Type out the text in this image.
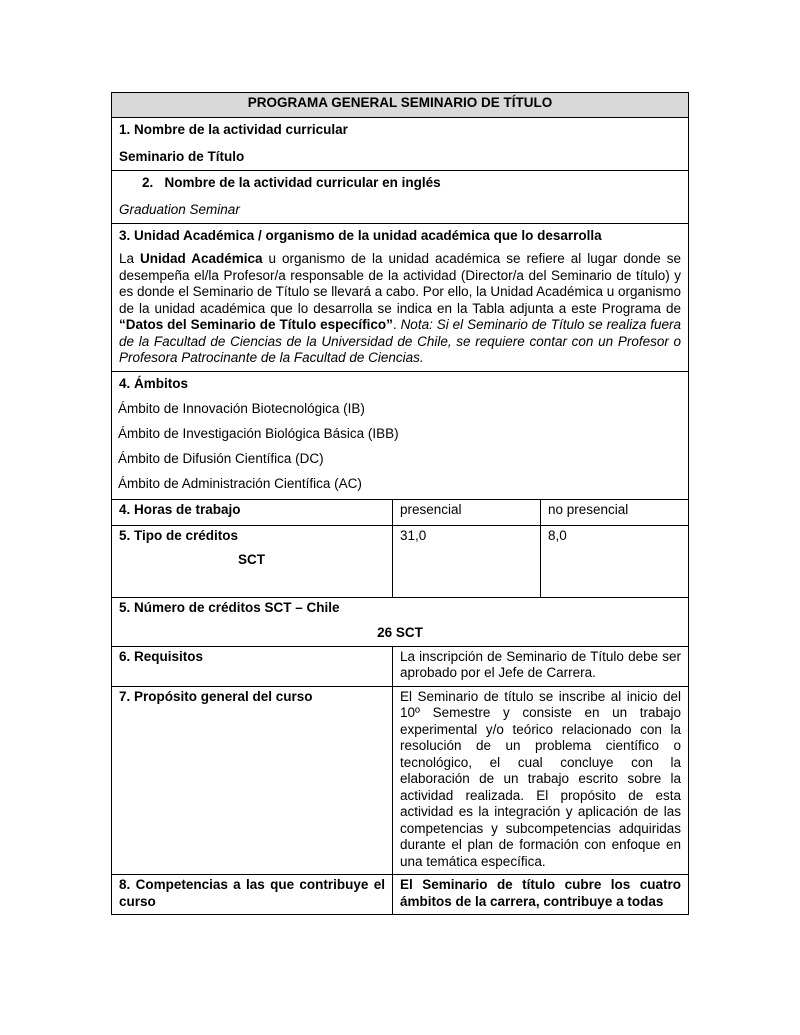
PROGRAMA GENERAL SEMINARIO DE TÍTULO		

1. Nombre de la actividad curricular
Seminario de Título		

2.   Nombre de la actividad curricular en inglés
Graduation Seminar		

3. Unidad Académica / organismo de la unidad académica que lo desarrolla
La Unidad Académica u organismo de la unidad académica se refiere al lugar donde se desempeña el/la Profesor/a responsable de la actividad (Director/a del Seminario de título) y es donde el Seminario de Título se llevará a cabo. Por ello, la Unidad Académica u organismo de la unidad académica que lo desarrolla se indica en la Tabla adjunta a este Programa de “Datos del Seminario de Título específico”. Nota: Si el Seminario de Título se realiza fuera de la Facultad de Ciencias de la Universidad de Chile, se requiere contar con un Profesor o Profesora Patrocinante de la Facultad de Ciencias.		

4. Ámbitos
Ámbito de Innovación Biotecnológica (IB)
Ámbito de Investigación Biológica Básica (IBB)
Ámbito de Difusión Científica (DC)
Ámbito de Administración Científica (AC)		

4. Horas de trabajo	presencial	no presencial

5. Tipo de créditos
SCT	31,0	8,0

5. Número de créditos SCT – Chile
26 SCT		

6. Requisitos	La inscripción de Seminario de Título debe ser aprobado por el Jefe de Carrera.	
7. Propósito general del curso	El Seminario de título se inscribe al inicio del 10º Semestre y consiste en un trabajo experimental y/o teórico relacionado con la resolución de un problema científico o tecnológico, el cual concluye con la elaboración de un trabajo escrito sobre la actividad realizada. El propósito de esta actividad es la integración y aplicación de las competencias y subcompetencias adquiridas durante el plan de formación con enfoque en una temática específica.	
8. Competencias a las que contribuye el curso	El Seminario de título cubre los cuatro ámbitos de la carrera, contribuye a todas	
